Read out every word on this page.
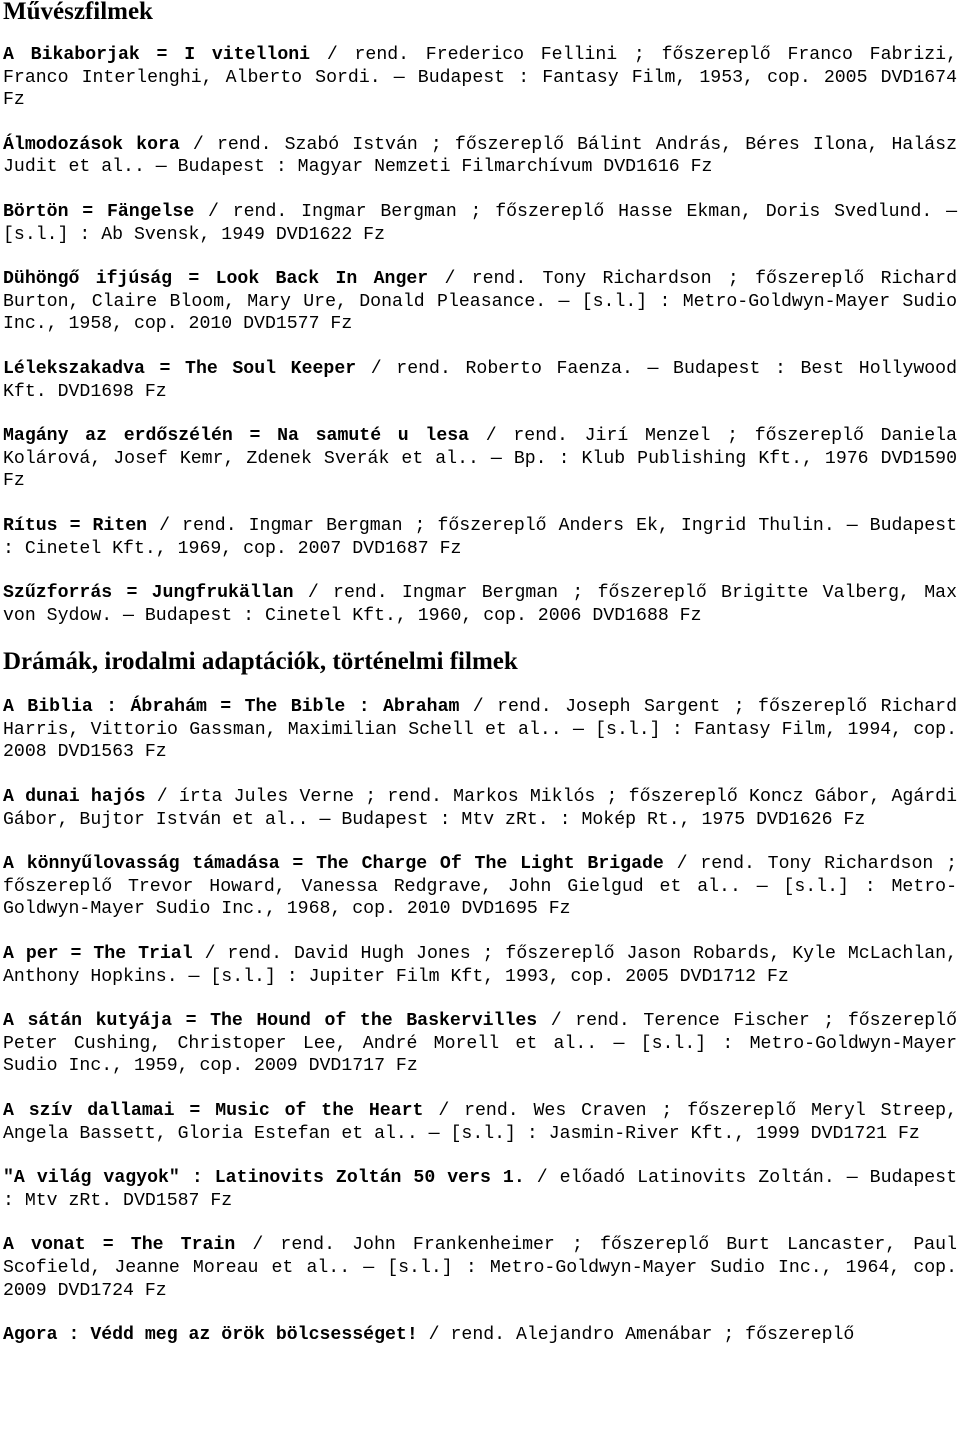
Művészfilmek

A Bikaborjak = I vitelloni / rend. Frederico Fellini ; főszereplő Franco Fabrizi, Franco Interlenghi, Alberto Sordi. — Budapest : Fantasy Film, 1953, cop. 2005 DVD1674 Fz

Álmodozások kora / rend. Szabó István ; főszereplő Bálint András, Béres Ilona, Halász Judit et al.. — Budapest : Magyar Nemzeti Filmarchívum DVD1616 Fz

Börtön = Fängelse / rend. Ingmar Bergman ; főszereplő Hasse Ekman, Doris Svedlund. — [s.l.] : Ab Svensk, 1949 DVD1622 Fz

Dühöngő ifjúság = Look Back In Anger / rend. Tony Richardson ; főszereplő Richard Burton, Claire Bloom, Mary Ure, Donald Pleasance. — [s.l.] : Metro-Goldwyn-Mayer Sudio Inc., 1958, cop. 2010 DVD1577 Fz

Lélekszakadva = The Soul Keeper / rend. Roberto Faenza. — Budapest : Best Hollywood Kft. DVD1698 Fz

Magány az erdőszélén = Na samuté u lesa / rend. Jirí Menzel ; főszereplő Daniela Kolárová, Josef Kemr, Zdenek Sverák et al.. — Bp. : Klub Publishing Kft., 1976 DVD1590 Fz

Rítus = Riten / rend. Ingmar Bergman ; főszereplő Anders Ek, Ingrid Thulin. — Budapest : Cinetel Kft., 1969, cop. 2007 DVD1687 Fz

Szűzforrás = Jungfrukällan / rend. Ingmar Bergman ; főszereplő Brigitte Valberg, Max von Sydow. — Budapest : Cinetel Kft., 1960, cop. 2006 DVD1688 Fz

Drámák, irodalmi adaptációk, történelmi filmek

A Biblia : Ábrahám = The Bible : Abraham / rend. Joseph Sargent ; főszereplő Richard Harris, Vittorio Gassman, Maximilian Schell et al.. — [s.l.] : Fantasy Film, 1994, cop. 2008 DVD1563 Fz

A dunai hajós / írta Jules Verne ; rend. Markos Miklós ; főszereplő Koncz Gábor, Agárdi Gábor, Bujtor István et al.. — Budapest : Mtv zRt. : Mokép Rt., 1975 DVD1626 Fz

A könnyűlovasság támadása = The Charge Of The Light Brigade / rend. Tony Richardson ; főszereplő Trevor Howard, Vanessa Redgrave, John Gielgud et al.. — [s.l.] : Metro-Goldwyn-Mayer Sudio Inc., 1968, cop. 2010 DVD1695 Fz

A per = The Trial / rend. David Hugh Jones ; főszereplő Jason Robards, Kyle McLachlan, Anthony Hopkins. — [s.l.] : Jupiter Film Kft, 1993, cop. 2005 DVD1712 Fz

A sátán kutyája = The Hound of the Baskervilles / rend. Terence Fischer ; főszereplő Peter Cushing, Christoper Lee, André Morell et al.. — [s.l.] : Metro-Goldwyn-Mayer Sudio Inc., 1959, cop. 2009 DVD1717 Fz

A szív dallamai = Music of the Heart / rend. Wes Craven ; főszereplő Meryl Streep, Angela Bassett, Gloria Estefan et al.. — [s.l.] : Jasmin-River Kft., 1999 DVD1721 Fz

"A világ vagyok" : Latinovits Zoltán 50 vers 1. / előadó Latinovits Zoltán. — Budapest : Mtv zRt. DVD1587 Fz

A vonat = The Train / rend. John Frankenheimer ; főszereplő Burt Lancaster, Paul Scofield, Jeanne Moreau et al.. — [s.l.] : Metro-Goldwyn-Mayer Sudio Inc., 1964, cop. 2009 DVD1724 Fz

Agora : Védd meg az örök bölcsességet! / rend. Alejandro Amenábar ; főszereplő
